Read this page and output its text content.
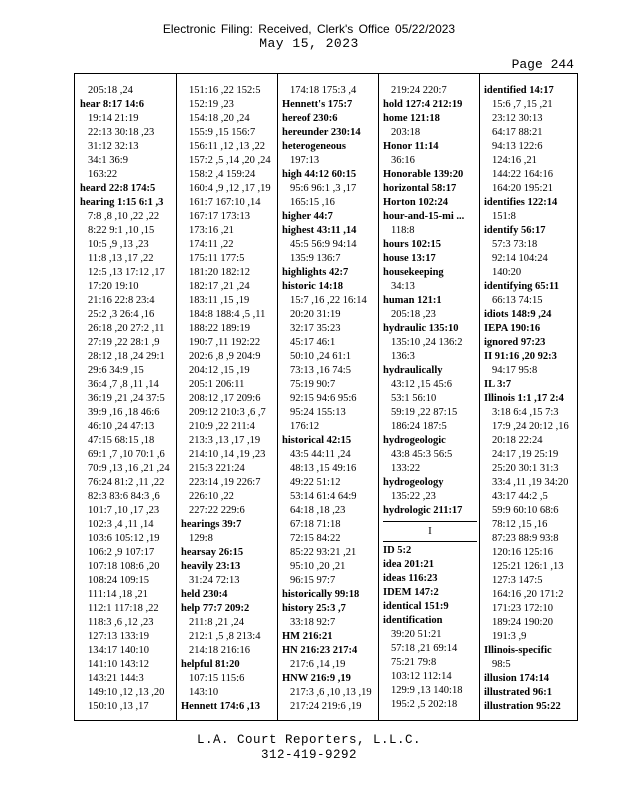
Electronic Filing: Received, Clerk's Office 05/22/2023
May 15, 2023
Page 244
205:18 ,24
hear 8:17 14:6
19:14 21:19
22:13 30:18 ,23
31:12 32:13
34:1 36:9
163:22
heard 22:8 174:5
hearing 1:15 6:1 ,3
7:8 ,8 ,10 ,22 ,22
8:22 9:1 ,10 ,15
10:5 ,9 ,13 ,23
11:8 ,13 ,17 ,22
12:5 ,13 17:12 ,17
17:20 19:10
21:16 22:8 23:4
25:2 ,3 26:4 ,16
26:18 ,20 27:2 ,11
27:19 ,22 28:1 ,9
28:12 ,18 ,24 29:1
29:6 34:9 ,15
36:4 ,7 ,8 ,11 ,14
36:19 ,21 ,24 37:5
39:9 ,16 ,18 46:6
46:10 ,24 47:13
47:15 68:15 ,18
69:1 ,7 ,10 70:1 ,6
70:9 ,13 ,16 ,21 ,24
76:24 81:2 ,11 ,22
82:3 83:6 84:3 ,6
101:7 ,10 ,17 ,23
102:3 ,4 ,11 ,14
103:6 105:12 ,19
106:2 ,9 107:17
107:18 108:6 ,20
108:24 109:15
111:14 ,18 ,21
112:1 117:18 ,22
118:3 ,6 ,12 ,23
127:13 133:19
134:17 140:10
141:10 143:12
143:21 144:3
149:10 ,12 ,13 ,20
150:10 ,13 ,17
151:16 ,22 152:5
152:19 ,23
154:18 ,20 ,24
155:9 ,15 156:7
156:11 ,12 ,13 ,22
157:2 ,5 ,14 ,20 ,24
158:2 ,4 159:24
160:4 ,9 ,12 ,17 ,19
161:7 167:10 ,14
167:17 173:13
173:16 ,21
174:11 ,22
175:11 177:5
181:20 182:12
182:17 ,21 ,24
183:11 ,15 ,19
184:8 188:4 ,5 ,11
188:22 189:19
190:7 ,11 192:22
202:6 ,8 ,9 204:9
204:12 ,15 ,19
205:1 206:11
208:12 ,17 209:6
209:12 210:3 ,6 ,7
210:9 ,22 211:4
213:3 ,13 ,17 ,19
214:10 ,14 ,19 ,23
215:3 221:24
223:14 ,19 226:7
226:10 ,22
227:22 229:6
hearings 39:7
129:8
hearsay 26:15
heavily 23:13
31:24 72:13
held 230:4
help 77:7 209:2
211:8 ,21 ,24
212:1 ,5 ,8 213:4
214:18 216:16
helpful 81:20
107:15 115:6
143:10
Hennett 174:6 ,13
174:18 175:3 ,4
Hennett's 175:7
hereof 230:6
hereunder 230:14
heterogeneous
197:13
high 44:12 60:15
95:6 96:1 ,3 ,17
165:15 ,16
higher 44:7
highest 43:11 ,14
45:5 56:9 94:14
135:9 136:7
highlights 42:7
historic 14:18
15:7 ,16 ,22 16:14
20:20 31:19
32:17 35:23
45:17 46:1
50:10 ,24 61:1
73:13 ,16 74:5
75:19 90:7
92:15 94:6 95:6
95:24 155:13
176:12
historical 42:15
43:5 44:11 ,24
48:13 ,15 49:16
49:22 51:12
53:14 61:4 64:9
64:18 ,18 ,23
67:18 71:18
72:15 84:22
85:22 93:21 ,21
95:10 ,20 ,21
96:15 97:7
historically 99:18
history 25:3 ,7
33:18 92:7
HM 216:21
HN 216:23 217:4
217:6 ,14 ,19
HNW 216:9 ,19
217:3 ,6 ,10 ,13 ,19
217:24 219:6 ,19
219:24 220:7
hold 127:4 212:19
home 121:18
203:18
Honor 11:14
36:16
Honorable 139:20
horizontal 58:17
Horton 102:24
hour-and-15-mi ...
118:8
hours 102:15
house 13:17
housekeeping
34:13
human 121:1
205:18 ,23
hydraulic 135:10
135:10 ,24 136:2
136:3
hydraulically
43:12 ,15 45:6
53:1 56:10
59:19 ,22 87:15
186:24 187:5
hydrogeologic
43:8 45:3 56:5
133:22
hydrogeology
135:22 ,23
hydrologic 211:17
I
ID 5:2
idea 201:21
ideas 116:23
IDEM 147:2
identical 151:9
identification
39:20 51:21
57:18 ,21 69:14
75:21 79:8
103:12 112:14
129:9 ,13 140:18
195:2 ,5 202:18
identified 14:17
15:6 ,7 ,15 ,21
23:12 30:13
64:17 88:21
94:13 122:6
124:16 ,21
144:22 164:16
164:20 195:21
identifies 122:14
151:8
identify 56:17
57:3 73:18
92:14 104:24
140:20
identifying 65:11
66:13 74:15
idiots 148:9 ,24
IEPA 190:16
ignored 97:23
II 91:16 ,20 92:3
94:17 95:8
IL 3:7
Illinois 1:1 ,17 2:4
3:18 6:4 ,15 7:3
17:9 ,24 20:12 ,16
20:18 22:24
24:17 ,19 25:19
25:20 30:1 31:3
33:4 ,11 ,19 34:20
43:17 44:2 ,5
59:9 60:10 68:6
78:12 ,15 ,16
87:23 88:9 93:8
120:16 125:16
125:21 126:1 ,13
127:3 147:5
164:16 ,20 171:2
171:23 172:10
189:24 190:20
191:3 ,9
Illinois-specific
98:5
illusion 174:14
illustrated 96:1
illustration 95:22
L.A. Court Reporters, L.L.C.
312-419-9292
